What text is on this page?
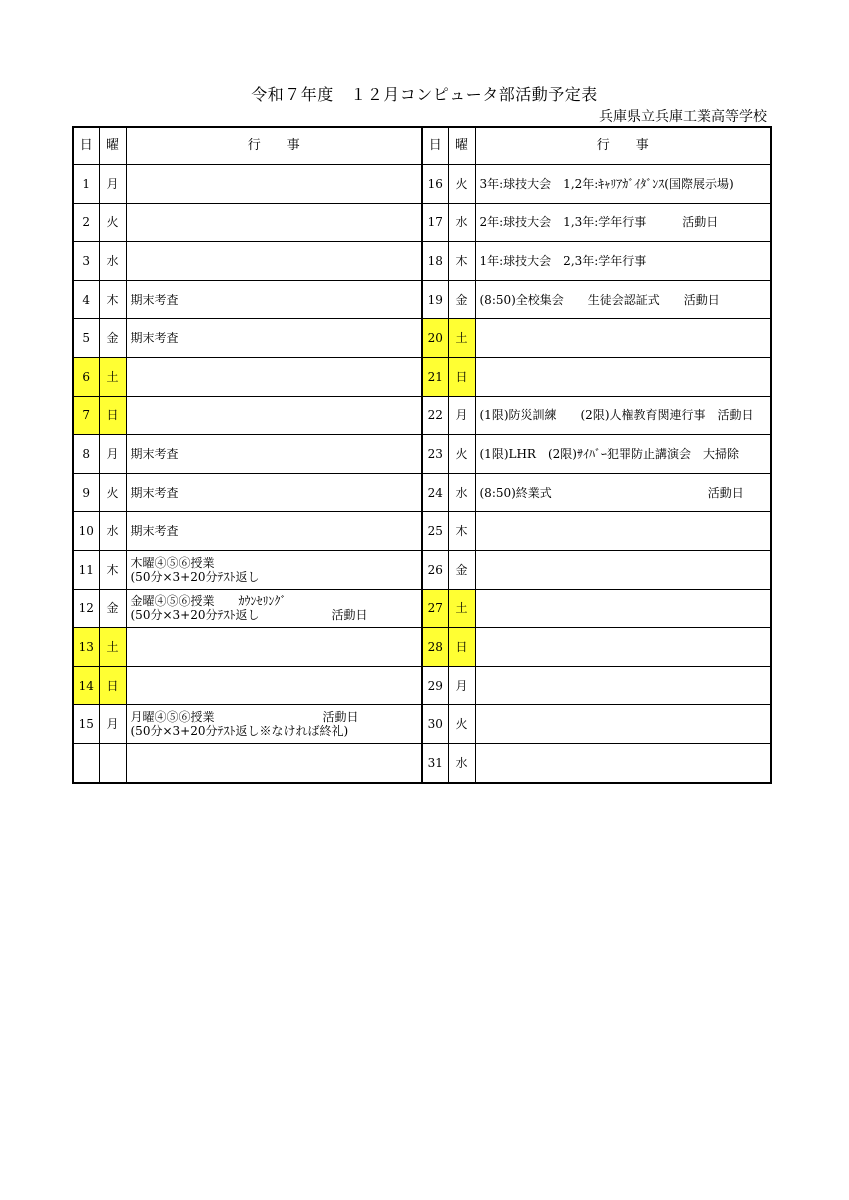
令和７年度　１２月コンピュータ部活動予定表
兵庫県立兵庫工業高等学校
日	曜	行　　事	日	曜	行　　事
1	月		16	火	3年:球技大会　1,2年:ｷｬﾘｱｶﾞｲﾀﾞﾝｽ(国際展示場)

2	火		17	水	2年:球技大会　1,3年:学年行事　　　活動日

3	水		18	木	1年:球技大会　2,3年:学年行事

4	木	期末考査	19	金	(8:50)全校集会　　生徒会認証式　　活動日

5	金	期末考査	20	土	

6	土		21	日	

7	日		22	月	(1限)防災訓練　　(2限)人権教育関連行事　活動日

8	月	期末考査	23	火	(1限)LHR　(2限)ｻｲﾊﾞｰ犯罪防止講演会　大掃除

9	火	期末考査	24	水	(8:50)終業式　　　　　　　　　　　　　活動日

10	水	期末考査	25	木	

11	木	木曜④⑤⑥授業
(50分×3+20分ﾃｽﾄ返し	26	金	

12	金	金曜④⑤⑥授業　　ｶｳﾝｾﾘﾝｸﾞ
(50分×3+20分ﾃｽﾄ返し　　　　　　活動日	27	土	

13	土		28	日	

14	日		29	月	

15	月	月曜④⑤⑥授業　　　　　　　　　活動日
(50分×3+20分ﾃｽﾄ返し※なければ終礼)	30	火	

	31	水	
